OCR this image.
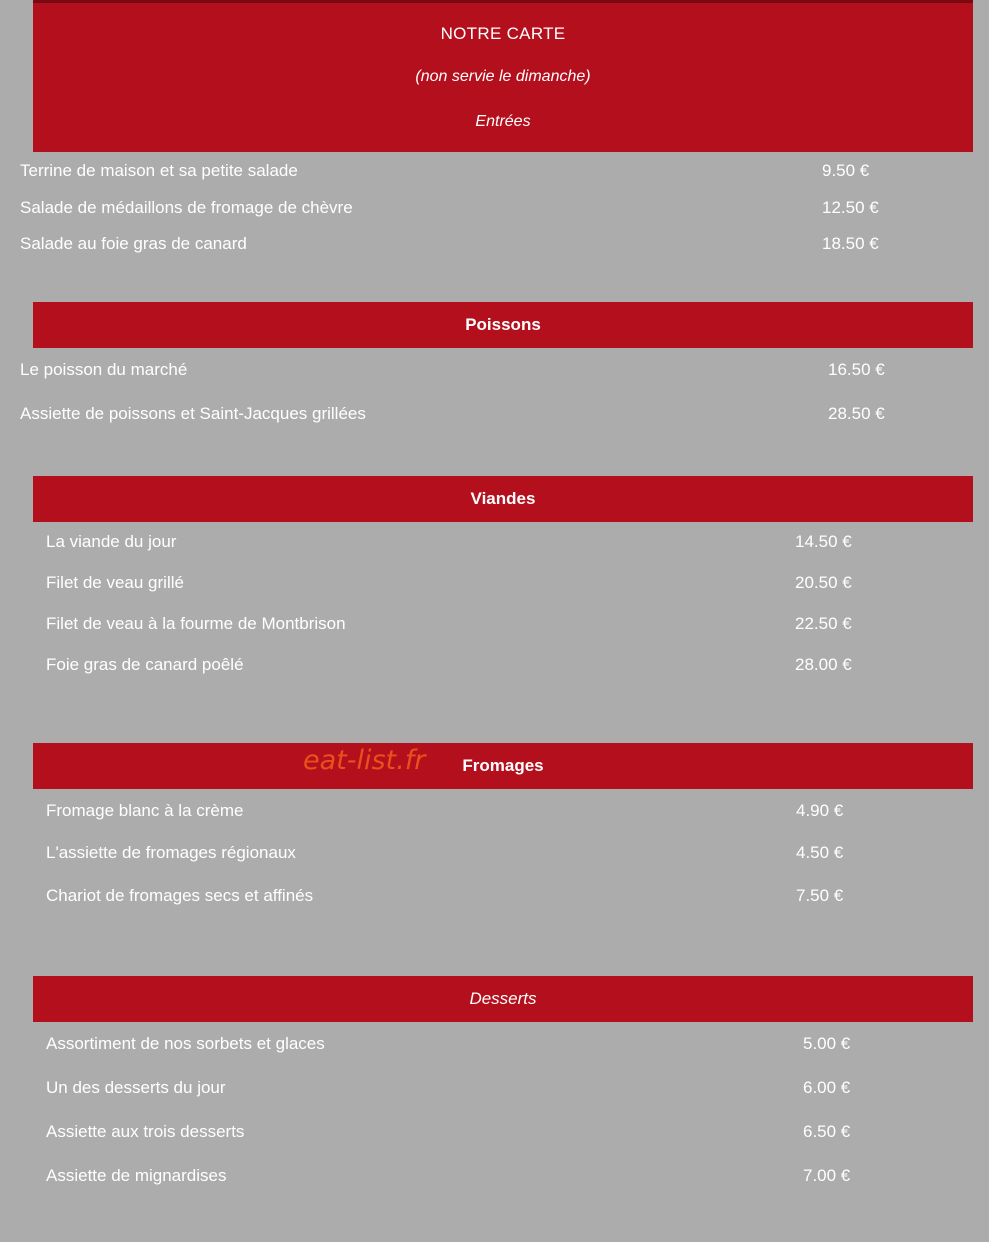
NOTRE CARTE
(non servie le dimanche)
Entrées
Terrine de maison et sa petite salade	9.50 €
Salade de médaillons de fromage de chèvre	12.50 €
Salade au foie gras de canard	18.50 €
Poissons
Le poisson du marché	16.50 €
Assiette de poissons et Saint-Jacques grillées	28.50 €
Viandes
La viande du jour	14.50 €
Filet de veau grillé	20.50 €
Filet de veau à la fourme de Montbrison	22.50 €
Foie gras de canard poêlé	28.00 €
Fromages
eat-list.fr
Fromage blanc à la crème	4.90 €
L'assiette de fromages régionaux	4.50 €
Chariot de fromages secs et affinés	7.50 €
Desserts
Assortiment de nos sorbets et glaces	5.00 €
Un des desserts du jour	6.00 €
Assiette aux trois desserts	6.50 €
Assiette de mignardises	7.00 €
